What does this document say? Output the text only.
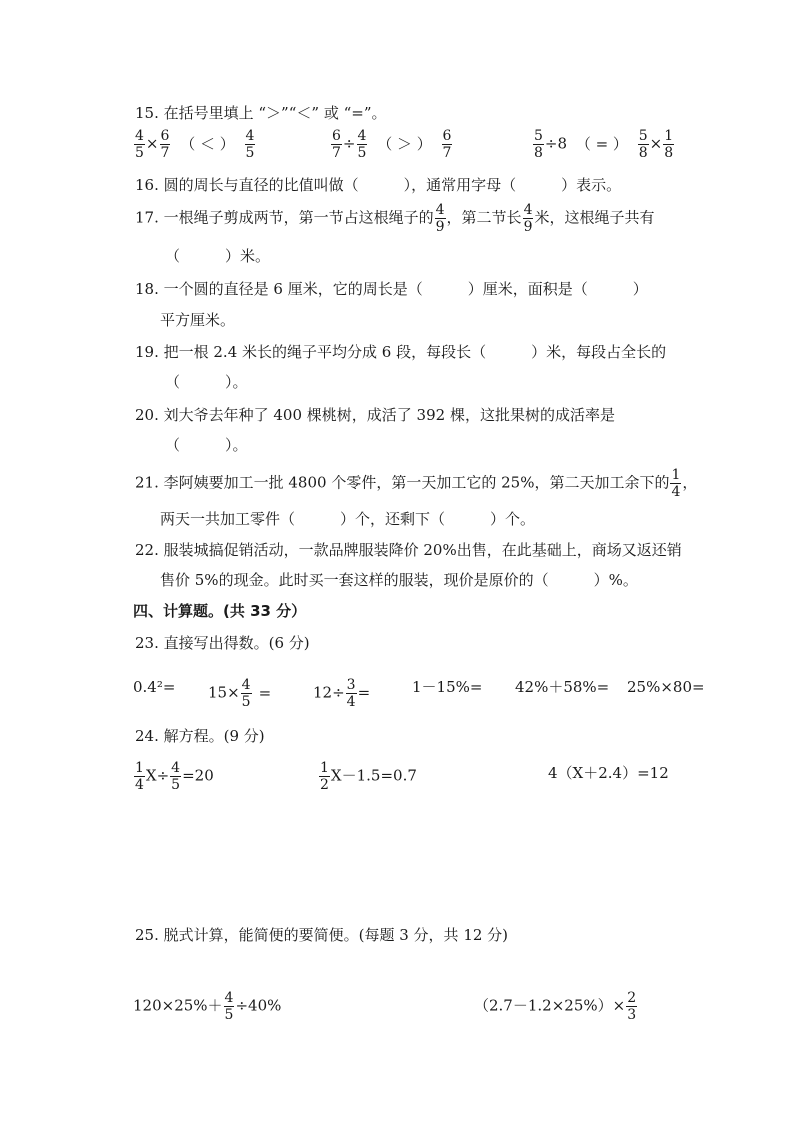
15. 在括号里填上 “＞”“＜” 或 “=”。
$\frac{4}{5} \times \frac{6}{7}$ （ ＜ ） $\frac{4}{5}$	$\frac{6}{7} \div \frac{4}{5}$ （ ＞ ） $\frac{6}{7}$	$\frac{5}{8} \div 8$ （ = ） $\frac{5}{8} \times \frac{1}{8}$
16. 圆的周长与直径的比值叫做（　　　），通常用字母（　　　）表示。
17. 一根绳子剪成两节，第一节占这根绳子的 $\frac{4}{9}$ ，第二节长 $\frac{4}{9}$ 米，这根绳子共有
（　　　）米。
18. 一个圆的直径是 6 厘米，它的周长是（　　　）厘米，面积是（　　　）
平方厘米。
19. 把一根 2.4 米长的绳子平均分成 6 段，每段长（　　　）米，每段占全长的
（　　　）。
20. 刘大爷去年种了 400 棵桃树，成活了 392 棵，这批果树的成活率是
（　　　）。
21. 李阿姨要加工一批 4800 个零件，第一天加工它的 25%，第二天加工余下的 $\frac{1}{4}$ ，
两天一共加工零件（　　　）个，还剩下（　　　）个。
22. 服装城搞促销活动，一款品牌服装降价 20%出售，在此基础上，商场又返还销
售价 5%的现金。此时买一套这样的服装，现价是原价的（　　　）%。
四、计算题。(共 33 分）
23. 直接写出得数。(6 分)
$0.4^2= 15\times \frac{4}{5}$ =	$12\div \frac{3}{4}$ =	1－15%= 42%＋58%= 25%×80=
24. 解方程。(9 分)
$\frac{1}{4} X\div \frac{4}{5} =20$	$\frac{1}{2} X-1.5=0.7$	4（X＋2.4）=12
25. 脱式计算，能简便的要简便。(每题 3 分，共 12 分)
$120\times 25\%+ \frac{4}{5} \div 40\%$	$(2.7-1.2\times 25\%)\times \frac{2}{3}$
